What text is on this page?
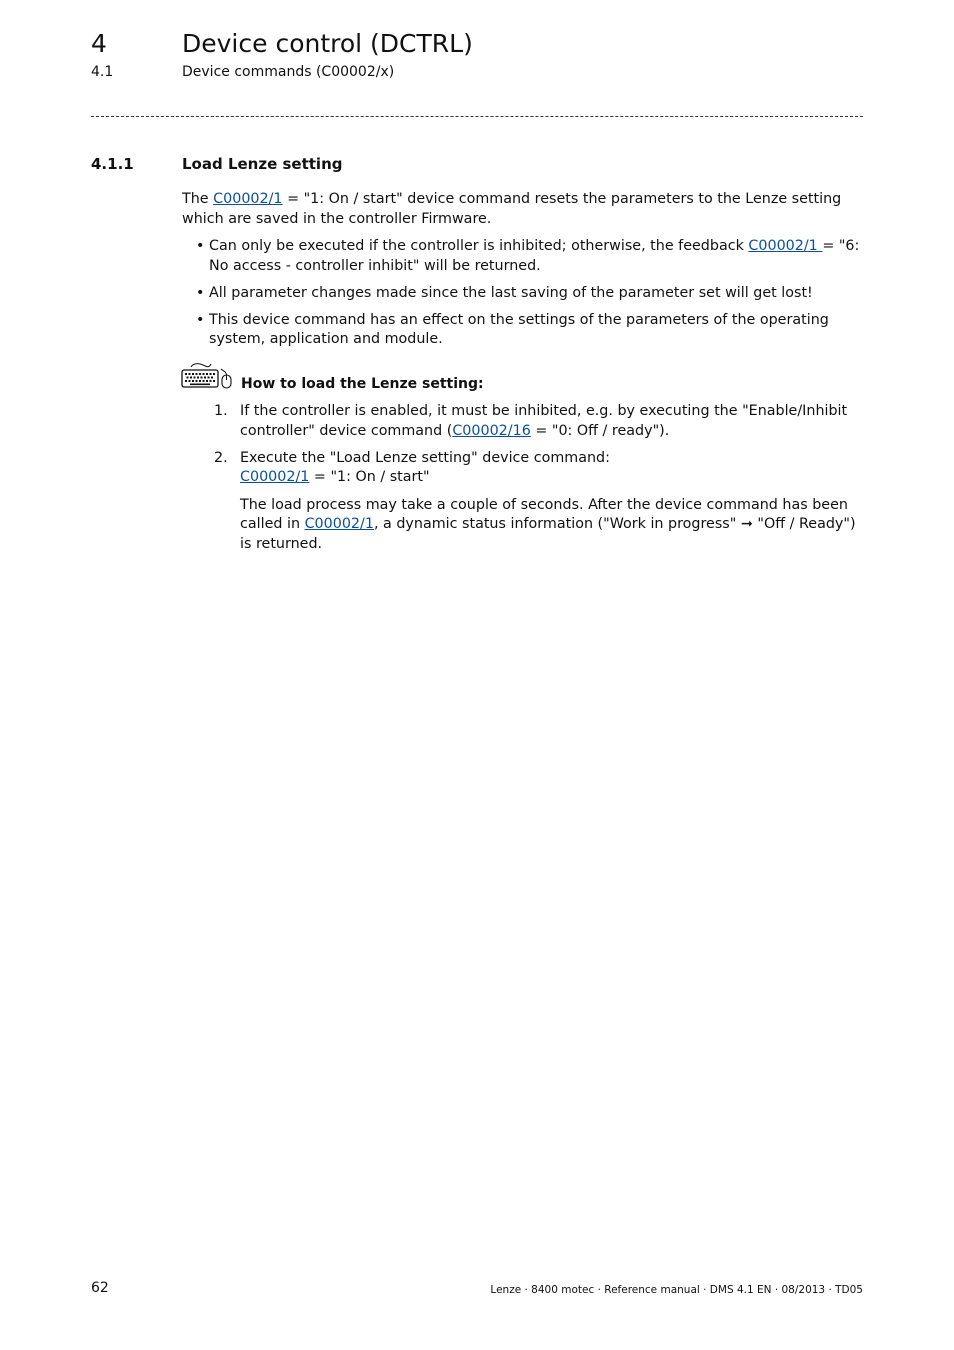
4	Device control (DCTRL)
4.1	Device commands (C00002/x)
4.1.1	Load Lenze setting
The C00002/1 = "1: On / start" device command resets the parameters to the Lenze setting which are saved in the controller Firmware.
• Can only be executed if the controller is inhibited; otherwise, the feedback C00002/1 = "6: No access - controller inhibit" will be returned.
• All parameter changes made since the last saving of the parameter set will get lost!
• This device command has an effect on the settings of the parameters of the operating system, application and module.
How to load the Lenze setting:
1. If the controller is enabled, it must be inhibited, e.g. by executing the "Enable/Inhibit controller" device command (C00002/16 = "0: Off / ready").

2. Execute the "Load Lenze setting" device command:
C00002/1 = "1: On / start"

The load process may take a couple of seconds. After the device command has been called in C00002/1, a dynamic status information ("Work in progress" ➞ "Off / Ready") is returned.

62	Lenze · 8400 motec · Reference manual · DMS 4.1 EN · 08/2013 · TD05
